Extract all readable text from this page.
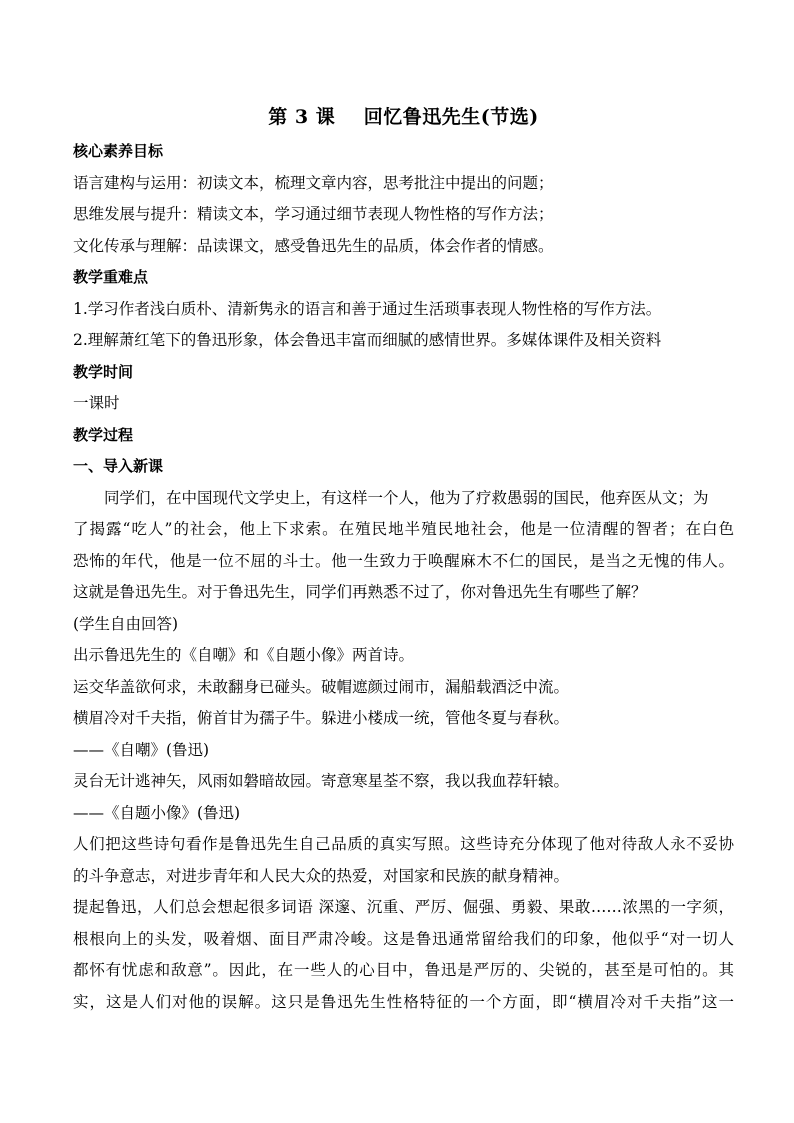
第 3 课    回忆鲁迅先生(节选)

核心素养目标

语言建构与运用：初读文本，梳理文章内容，思考批注中提出的问题；

思维发展与提升：精读文本，学习通过细节表现人物性格的写作方法；

文化传承与理解：品读课文，感受鲁迅先生的品质，体会作者的情感。

教学重难点

1.学习作者浅白质朴、清新隽永的语言和善于通过生活琐事表现人物性格的写作方法。

2.理解萧红笔下的鲁迅形象，体会鲁迅丰富而细腻的感情世界。多媒体课件及相关资料

教学时间

一课时

教学过程

一、导入新课

同学们，在中国现代文学史上，有这样一个人，他为了疗救愚弱的国民，他弃医从文；为

了揭露“吃人”的社会，他上下求索。在殖民地半殖民地社会，他是一位清醒的智者；在白色

恐怖的年代，他是一位不屈的斗士。他一生致力于唤醒麻木不仁的国民，是当之无愧的伟人。

这就是鲁迅先生。对于鲁迅先生，同学们再熟悉不过了，你对鲁迅先生有哪些了解？

(学生自由回答)

出示鲁迅先生的《自嘲》和《自题小像》两首诗。

运交华盖欲何求，未敢翻身已碰头。破帽遮颜过闹市，漏船载酒泛中流。

横眉冷对千夫指，俯首甘为孺子牛。躲进小楼成一统，管他冬夏与春秋。

——《自嘲》(鲁迅)

灵台无计逃神矢，风雨如磐暗故园。寄意寒星荃不察，我以我血荐轩辕。

——《自题小像》(鲁迅)

人们把这些诗句看作是鲁迅先生自己品质的真实写照。这些诗充分体现了他对待敌人永不妥协

的斗争意志，对进步青年和人民大众的热爱，对国家和民族的献身精神。

提起鲁迅，人们总会想起很多词语 深邃、沉重、严厉、倔强、勇毅、果敢……浓黑的一字须，

根根向上的头发，吸着烟、面目严肃冷峻。这是鲁迅通常留给我们的印象，他似乎“对一切人

都怀有忧虑和敌意”。因此，在一些人的心目中，鲁迅是严厉的、尖锐的，甚至是可怕的。其

实，这是人们对他的误解。这只是鲁迅先生性格特征的一个方面，即“横眉冷对千夫指”这一
